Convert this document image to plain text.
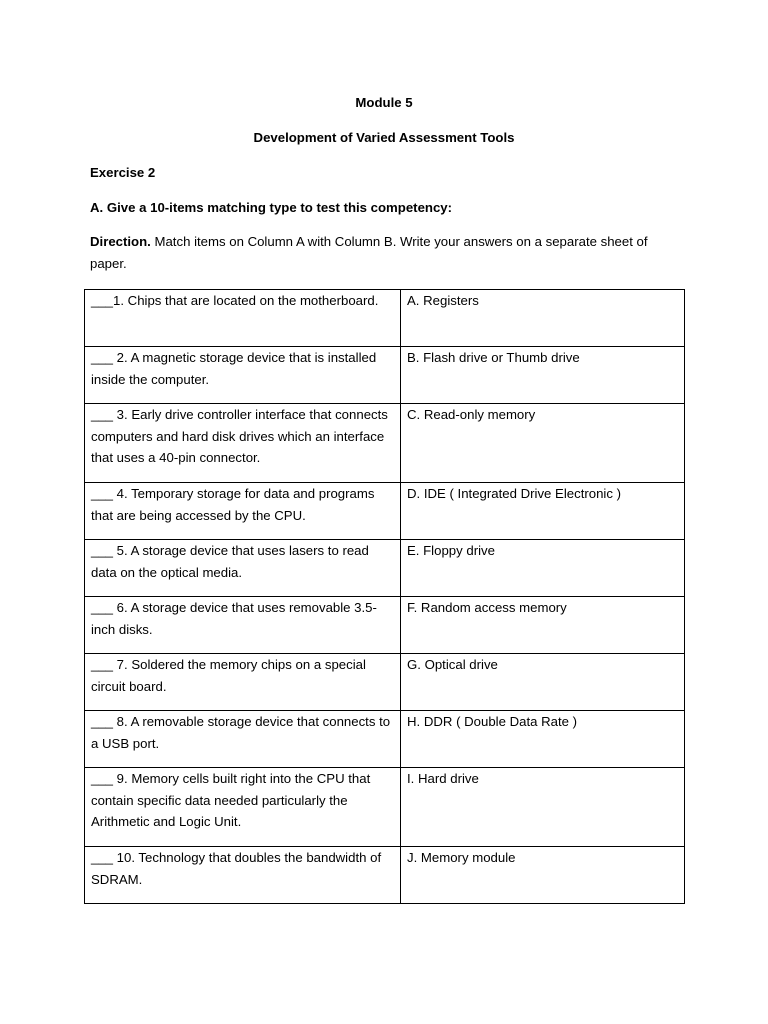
Module 5
Development of Varied Assessment Tools
Exercise 2
A. Give a 10-items matching type to test this competency:
Direction. Match items on Column A with Column B. Write your answers on a separate sheet of paper.
___1. Chips that are located on the motherboard.	A. Registers
___ 2. A magnetic storage device that is installed inside the computer.	B. Flash drive or Thumb drive
___ 3. Early drive controller interface that connects computers and hard disk drives which an interface that uses a 40-pin connector.	C. Read-only memory
___ 4. Temporary storage for data and programs that are being accessed by the CPU.	D. IDE ( Integrated Drive Electronic )
___ 5. A storage device that uses lasers to read data on the optical media.	E. Floppy drive
___ 6. A storage device that uses removable 3.5-inch disks.	F. Random access memory
___ 7. Soldered the memory chips on a special circuit board.	G. Optical drive
___ 8. A removable storage device that connects to a USB port.	H. DDR ( Double Data Rate )
___ 9. Memory cells built right into the CPU that contain specific data needed particularly the Arithmetic and Logic Unit.	I. Hard drive
___ 10. Technology that doubles the bandwidth of SDRAM.	J. Memory module
